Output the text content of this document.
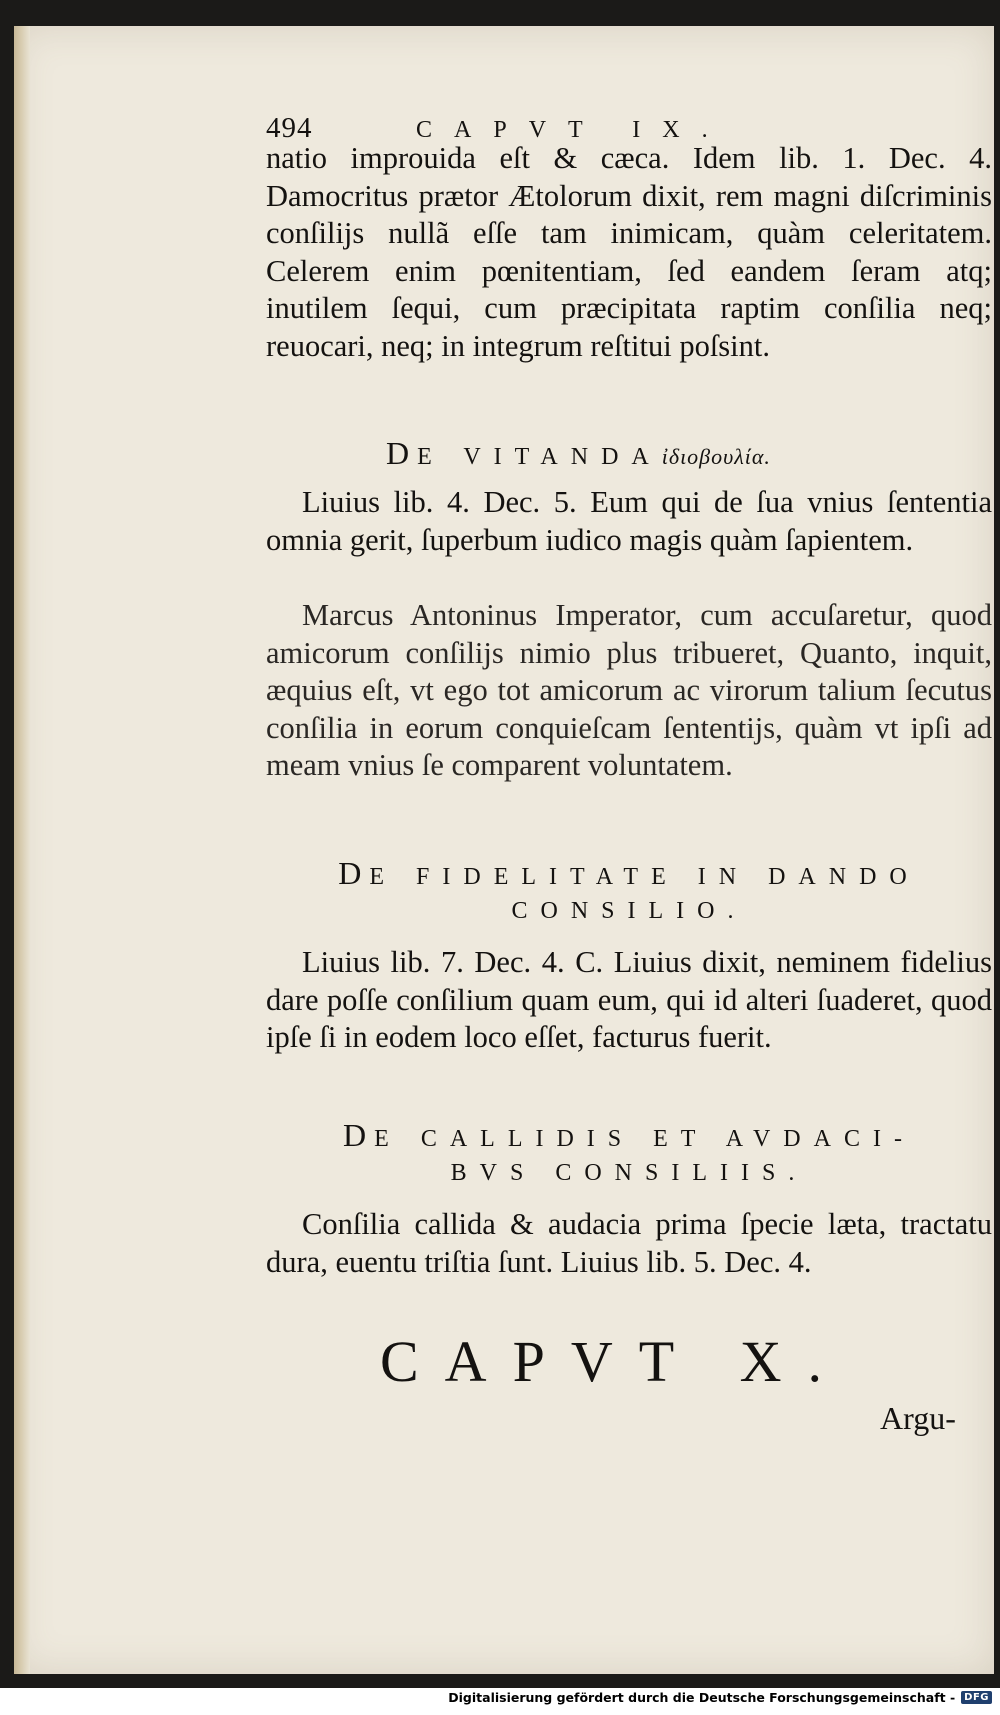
494	CAPVT IX.

natio improuida eſt & cæca. Idem lib. 1. Dec. 4. Damocritus prætor Ætolorum dixit, rem magni diſcriminis conſilijs nullã eſſe tam inimicam, quàm celeritatem. Celerem enim pœnitentiam, ſed eandem ſeram atq; inutilem ſequi, cum præcipitata raptim conſilia neq; reuocari, neq; in integrum reſtitui poſsint.

DE VITANDAἰδιοβουλία.

Liuius lib. 4. Dec. 5. Eum qui de ſua vnius ſententia omnia gerit, ſuperbum iudico magis quàm ſapientem.

Marcus Antoninus Imperator, cum accuſaretur, quod amicorum conſilijs nimio plus tribueret, Quanto, inquit, æquius eſt, vt ego tot amicorum ac virorum talium ſecutus conſilia in eorum conquieſcam ſententijs, quàm vt ipſi ad meam vnius ſe comparent voluntatem.

DE FIDELITATE IN DANDO

CONSILIO.

Liuius lib. 7. Dec. 4. C. Liuius dixit, neminem fidelius dare poſſe conſilium quam eum, qui id alteri ſuaderet, quod ipſe ſi in eodem loco eſſet, facturus fuerit.

DE CALLIDIS ET AVDACI-

BVS CONSILIIS.

Conſilia callida & audacia prima ſpecie læta, tractatu dura, euentu triſtia ſunt. Liuius lib. 5. Dec. 4.

CAPVT X.
Argu-
Digitalisierung gefördert durch die Deutsche Forschungsgemeinschaft - DFG
